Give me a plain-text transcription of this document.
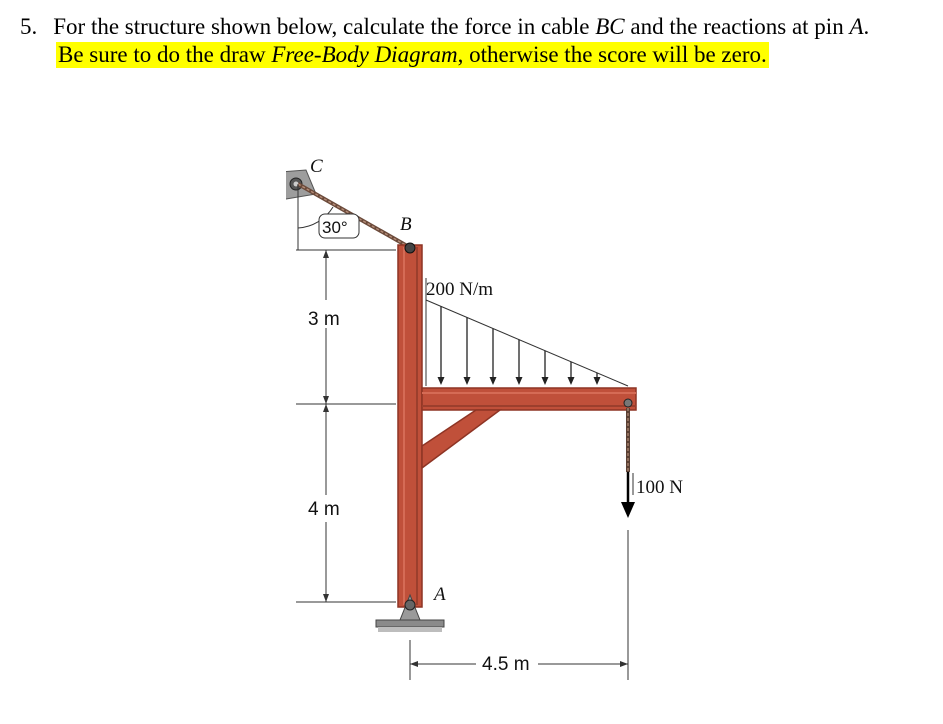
5. For the structure shown below, calculate the force in cable BC and the reactions at pin A.
Be sure to do the draw Free-Body Diagram, otherwise the score will be zero.
C
B
A
30°
3 m
4 m
4.5 m
200 N/m
100 N
